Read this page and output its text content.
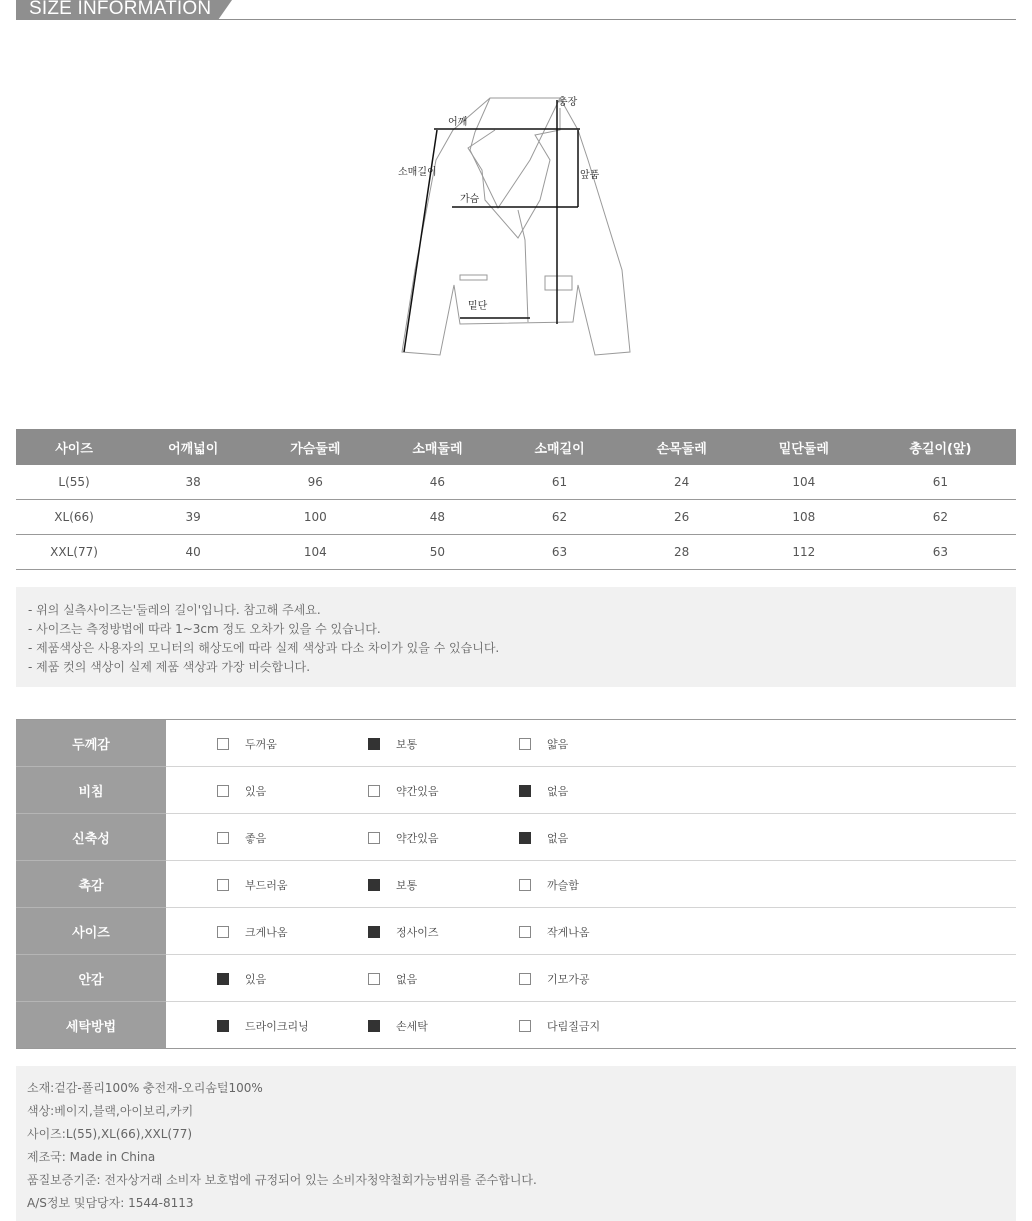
SIZE INFORMATION
총장
어깨
소매길이
가슴
앞품
밑단
사이즈	어깨넓이	가슴둘레	소매둘레	소매길이	손목둘레	밑단둘레	총길이(앞)
L(55)	38	96	46	61	24	104	61
XL(66)	39	100	48	62	26	108	62
XXL(77)	40	104	50	63	28	112	63
- 위의 실측사이즈는'둘레의 길이'입니다. 참고해 주세요.
- 사이즈는 측정방법에 따라 1~3cm 정도 오차가 있을 수 있습니다.
- 제품색상은 사용자의 모니터의 해상도에 따라 실제 색상과 다소 차이가 있을 수 있습니다.
- 제품 컷의 색상이 실제 제품 색상과 가장 비슷합니다.
두께감	두꺼움 보통 얇음

비침	있음 약간있음 없음

신축성	좋음 약간있음 없음

촉감	부드러움 보통 까슬함

사이즈	크게나옴 정사이즈 작게나옴

안감	있음 없음 기모가공

세탁방법	드라이크리닝 손세탁 다림질금지
소재:겉감-폴리100% 충전재-오리솜털100%
색상:베이지,블랙,아이보리,카키
사이즈:L(55),XL(66),XXL(77)
제조국: Made in China
품질보증기준: 전자상거래 소비자 보호법에 규정되어 있는 소비자청약철회가능범위를 준수합니다.
A/S정보 및담당자: 1544-8113
